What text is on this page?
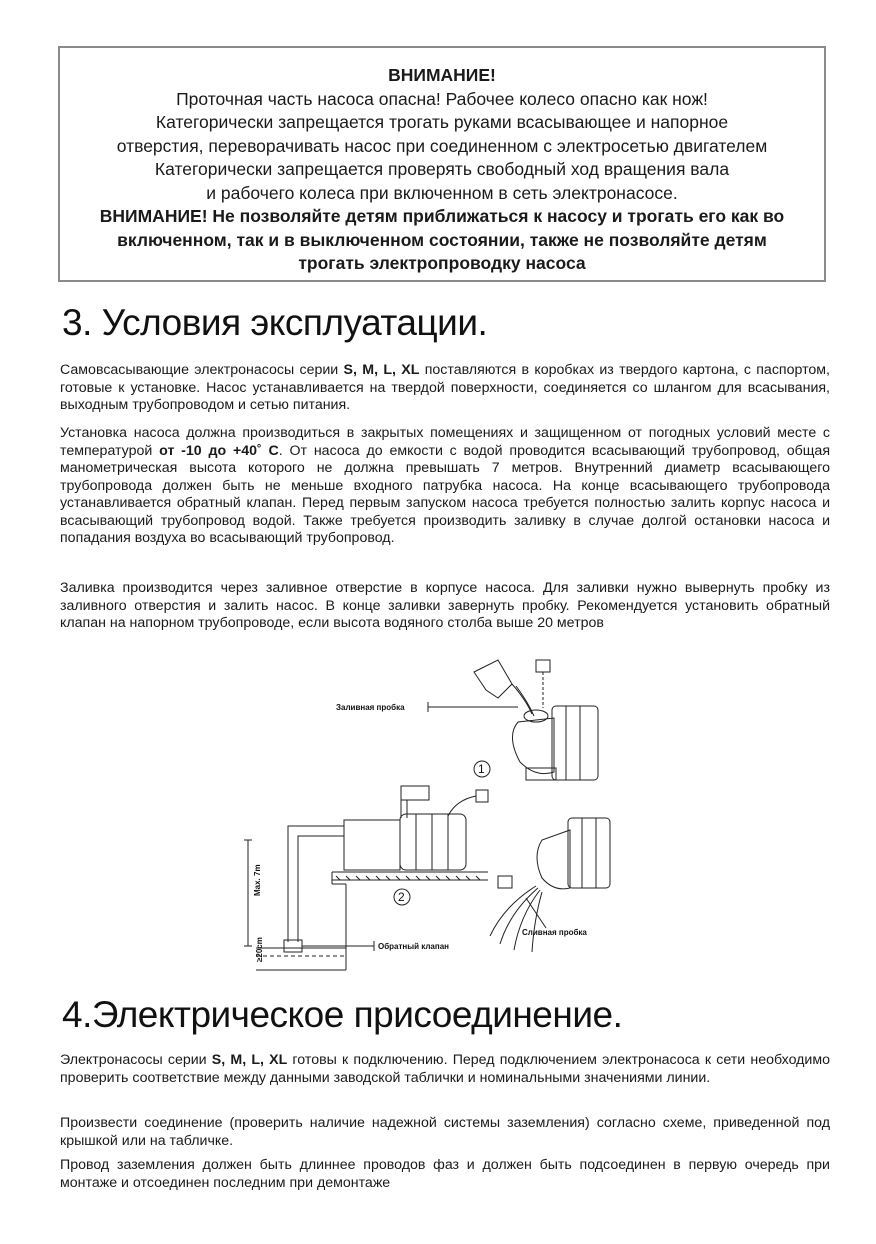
ВНИМАНИЕ!
Проточная часть насоса опасна! Рабочее колесо опасно как нож!
Категорически запрещается трогать руками всасывающее и напорное
отверстия, переворачивать насос при соединенном с электросетью двигателем
Категорически запрещается проверять свободный ход вращения вала
и рабочего колеса при включенном в сеть электронасосе.
ВНИМАНИЕ! Не позволяйте детям приближаться к насосу и трогать его как во
включенном, так и в выключенном состоянии, также не позволяйте детям
трогать электропроводку насоса
3. Условия эксплуатации.

Самовсасывающие электронасосы серии S, M, L, XL поставляются в коробках из твердого картона, с паспортом, готовые к установке. Насос устанавливается на твердой поверхности, соединяется со шлангом для всасывания, выходным трубопроводом и сетью питания.

Установка насоса должна производиться в закрытых помещениях и защищенном от погодных условий месте с температурой от -10 до +40˚ С. От насоса до емкости с водой проводится всасывающий трубопровод, общая манометрическая высота которого не должна превышать 7 метров. Внутренний диаметр всасывающего трубопровода должен быть не меньше входного патрубка насоса. На конце всасывающего трубопровода устанавливается обратный клапан. Перед первым запуском насоса требуется полностью залить корпус насоса и всасывающий трубопровод водой. Также требуется производить заливку в случае долгой остановки насоса и попадания воздуха во всасывающий трубопровод.

Заливка производится через заливное отверстие в корпусе насоса. Для заливки нужно вывернуть пробку из заливного отверстия и залить насос. В конце заливки завернуть пробку. Рекомендуется установить обратный клапан на напорном трубопроводе, если высота водяного столба выше 20 метров

Заливная пробка
Сливная пробка
Обратный клапан
Max. 7m
≥20cm
1
2
4.Электрическое присоединение.

Электронасосы серии S, M, L, XL готовы к подключению. Перед подключением электронасоса к сети необходимо проверить соответствие между данными заводской таблички и номинальными значениями линии.

Произвести соединение (проверить наличие надежной системы заземления) согласно схеме, приведенной под крышкой или на табличке.

Провод заземления должен быть длиннее проводов фаз и должен быть подсоединен в первую очередь при монтаже и отсоединен последним при демонтаже
